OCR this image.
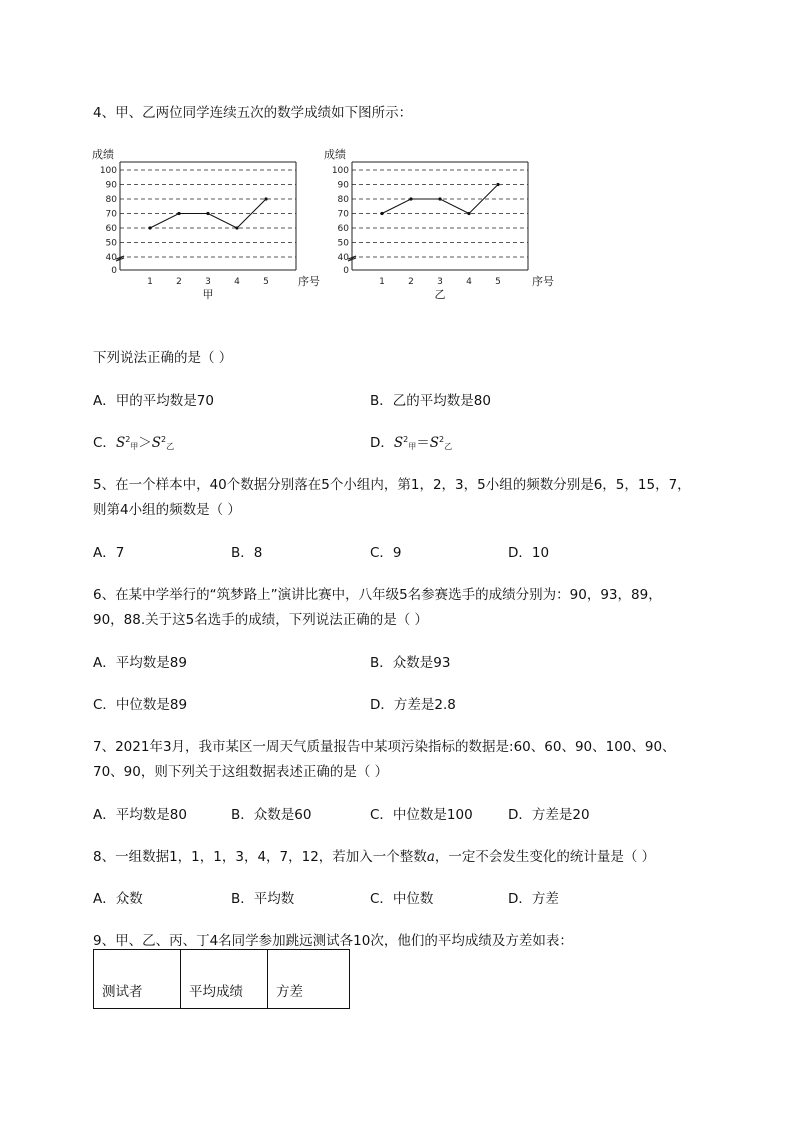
4、甲、乙两位同学连续五次的数学成绩如下图所示：
0
40
50
60
70
80
90
100
成绩
1	2	3	4	5	序号
甲
0
40
50
60
70
80
90
100
成绩
1	2	3	4	5	序号
乙
下列说法正确的是（ ）
A．甲的平均数是70	B．乙的平均数是80
C．$S^2_甲>S^2_乙$	D．$S^2_甲=S^2_乙$
5、在一个样本中，40个数据分别落在5个小组内，第1，2，3，5小组的频数分别是6，5，15，7，
则第4小组的频数是（ ）
A．7	B．8	C．9	D．10
6、在某中学举行的“筑梦路上”演讲比赛中，八年级5名参赛选手的成绩分别为：90，93，89，
90，88.关于这5名选手的成绩，下列说法正确的是（ ）
A．平均数是89	B．众数是93
C．中位数是89	D．方差是2.8
7、2021年3月，我市某区一周天气质量报告中某项污染指标的数据是:60、60、90、100、90、
70、90，则下列关于这组数据表述正确的是（ ）
A．平均数是80	B．众数是60	C．中位数是100	D．方差是20
8、一组数据1，1，1，3，4，7，12，若加入一个整数a，一定不会发生变化的统计量是（ ）
A．众数	B．平均数	C．中位数	D．方差
9、甲、乙、丙、丁4名同学参加跳远测试各10次，他们的平均成绩及方差如表：
测试者	平均成绩	方差
